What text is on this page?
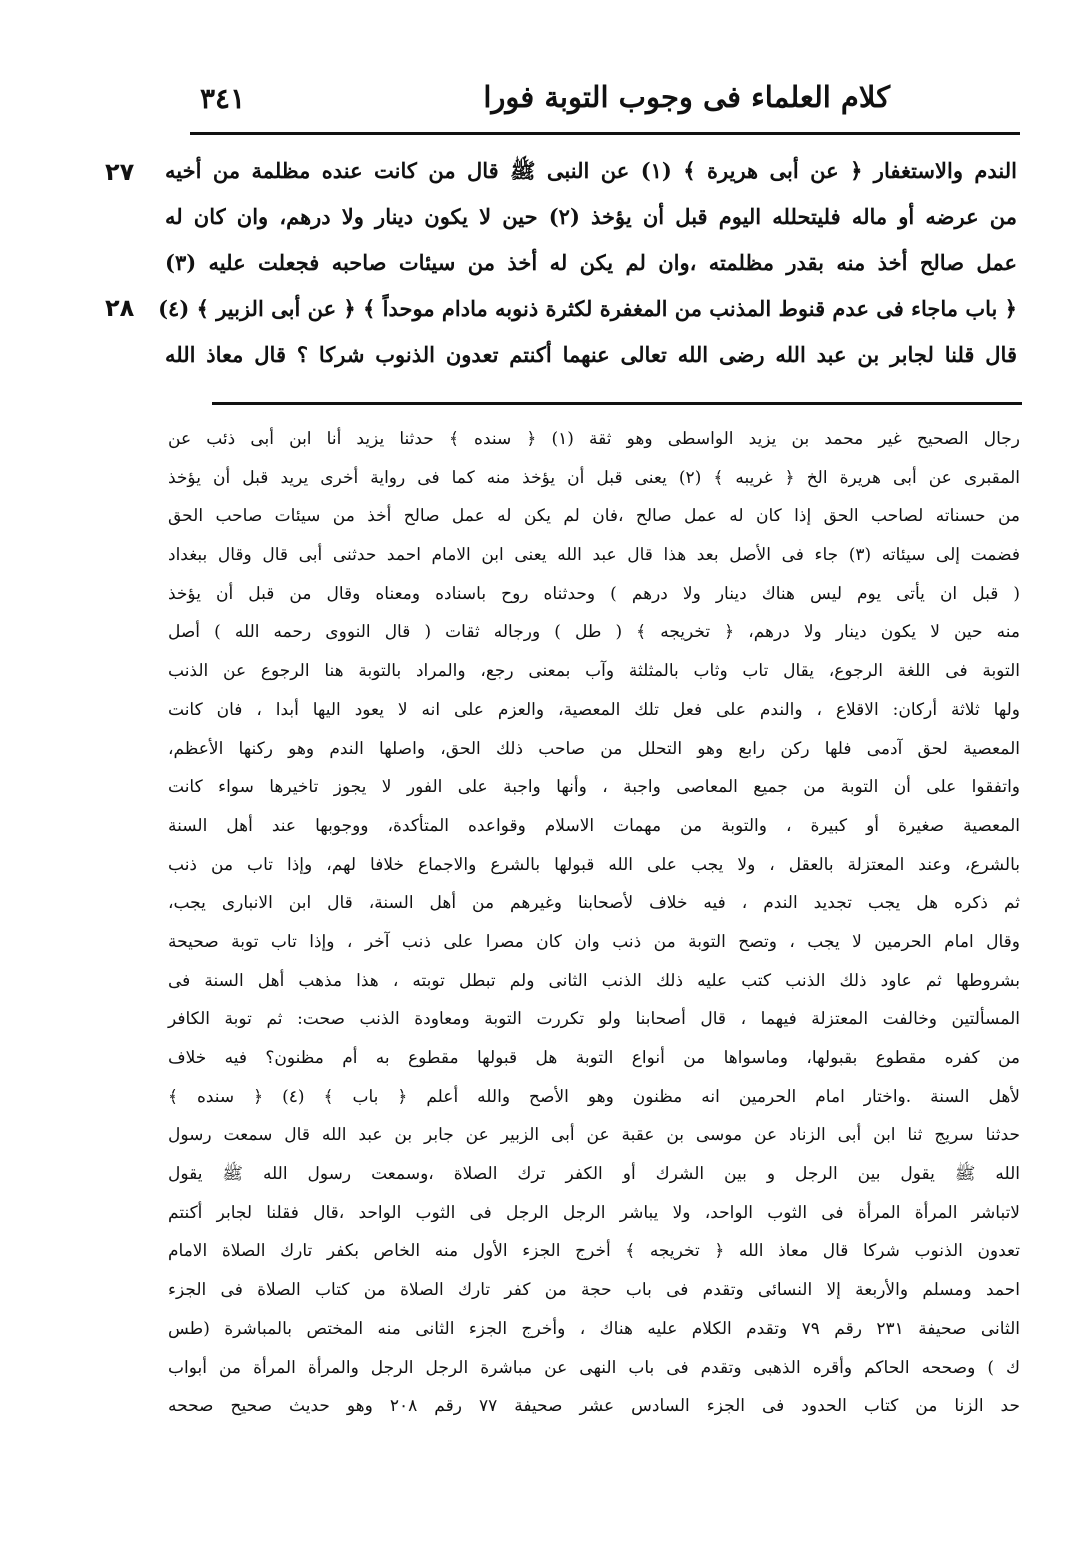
كلام العلماء فى وجوب التوبة فورا
٣٤١
٢٧
٢٨
الندم والاستغفار ﴿ عن أبى هريرة ﴾ (١) عن النبى ﷺ قال من كانت عنده مظلمة من أخيه
من عرضه أو ماله فليتحلله اليوم قبل أن يؤخذ (٢) حين لا يكون دينار ولا درهم، وان كان له
عمل صالح أخذ منه بقدر مظلمته ،وان لم يكن له أخذ من سيئات صاحبه فجعلت عليه (٣)
﴿ باب ماجاء فى عدم قنوط المذنب من المغفرة لكثرة ذنوبه مادام موحداً ﴾ ﴿ عن أبى الزبير ﴾ (٤)
قال قلنا لجابر بن عبد الله رضى الله تعالى عنهما أكنتم تعدون الذنوب شركا ؟ قال معاذ الله
رجال الصحيح غير محمد بن يزيد الواسطى وهو ثقة (١) ﴿ سنده ﴾ حدثنا يزيد أنا ابن أبى ذئب عن
المقبرى عن أبى هريرة الخ ﴿ غريبه ﴾ (٢) يعنى قبل أن يؤخذ منه كما فى رواية أخرى يريد قبل أن يؤخذ
من حسناته لصاحب الحق إذا كان له عمل صالح ،فان لم يكن له عمل صالح أخذ من سيئات صاحب الحق
فضمت إلى سيئاته (٣) جاء فى الأصل بعد هذا قال عبد الله يعنى ابن الامام احمد حدثنى أبى قال وقال ببغداد
( قبل ان يأتى يوم ليس هناك دينار ولا درهم ) وحدثناه روح باسناده ومعناه وقال من قبل أن يؤخذ
منه حين لا يكون دينار ولا درهم، ﴿ تخريجه ﴾ ( طل ) ورجاله ثقات ( قال النووى رحمه الله ) أصل
التوبة فى اللغة الرجوع، يقال تاب وثاب بالمثلثة وآب بمعنى رجع، والمراد بالتوبة هنا الرجوع عن الذنب
ولها ثلاثة أركان: الاقلاع ، والندم على فعل تلك المعصية، والعزم على انه لا يعود اليها أبدا ، فان كانت
المعصية لحق آدمى فلها ركن رابع وهو التحلل من صاحب ذلك الحق، واصلها الندم وهو ركنها الأعظم،
واتفقوا على أن التوبة من جميع المعاصى واجبة ، وأنها واجبة على الفور لا يجوز تاخيرها سواء كانت
المعصية صغيرة أو كبيرة ، والتوبة من مهمات الاسلام وقواعده المتأكدة، ووجوبها عند أهل السنة
بالشرع، وعند المعتزلة بالعقل ، ولا يجب على الله قبولها بالشرع والاجماع خلافا لهم، وإذا تاب من ذنب
ثم ذكره هل يجب تجديد الندم ، فيه خلاف لأصحابنا وغيرهم من أهل السنة، قال ابن الانبارى يجب،
وقال امام الحرمين لا يجب ، وتصح التوبة من ذنب وان كان مصرا على ذنب آخر ، وإذا تاب توبة صحيحة
بشروطها ثم عاود ذلك الذنب كتب عليه ذلك الذنب الثانى ولم تبطل توبته ، هذا مذهب أهل السنة فى
المسألتين وخالفت المعتزلة فيهما ، قال أصحابنا ولو تكررت التوبة ومعاودة الذنب صحت: ثم توبة الكافر
من كفره مقطوع بقبولها، وماسواها من أنواع التوبة هل قبولها مقطوع به أم مظنون؟ فيه خلاف
لأهل السنة .واختار امام الحرمين انه مظنون وهو الأصح والله أعلم ﴿ باب ﴾ (٤) ﴿ سنده ﴾
حدثنا سريج ثنا ابن أبى الزناد عن موسى بن عقبة عن أبى الزبير عن جابر بن عبد الله قال سمعت رسول
الله ﷺ يقول بين الرجل و بين الشرك أو الكفر ترك الصلاة ،وسمعت رسول الله ﷺ يقول
لاتباشر المرأة المرأة فى الثوب الواحد، ولا يباشر الرجل الرجل فى الثوب الواحد ،قال فقلنا لجابر أكنتم
تعدون الذنوب شركا قال معاذ الله ﴿ تخريجه ﴾ أخرج الجزء الأول منه الخاص بكفر تارك الصلاة الامام
احمد ومسلم والأربعة إلا النسائى وتقدم فى باب حجة من كفر تارك الصلاة من كتاب الصلاة فى الجزء
الثانى صحيفة ٢٣١ رقم ٧٩ وتقدم الكلام عليه هناك ، وأخرج الجزء الثانى منه المختص بالمباشرة (طس
ك ) وصححه الحاكم وأقره الذهبى وتقدم فى باب النهى عن مباشرة الرجل الرجل والمرأة المرأة من أبواب
حد الزنا من كتاب الحدود فى الجزء السادس عشر صحيفة ٧٧ رقم ٢٠٨ وهو حديث صحيح صححه
